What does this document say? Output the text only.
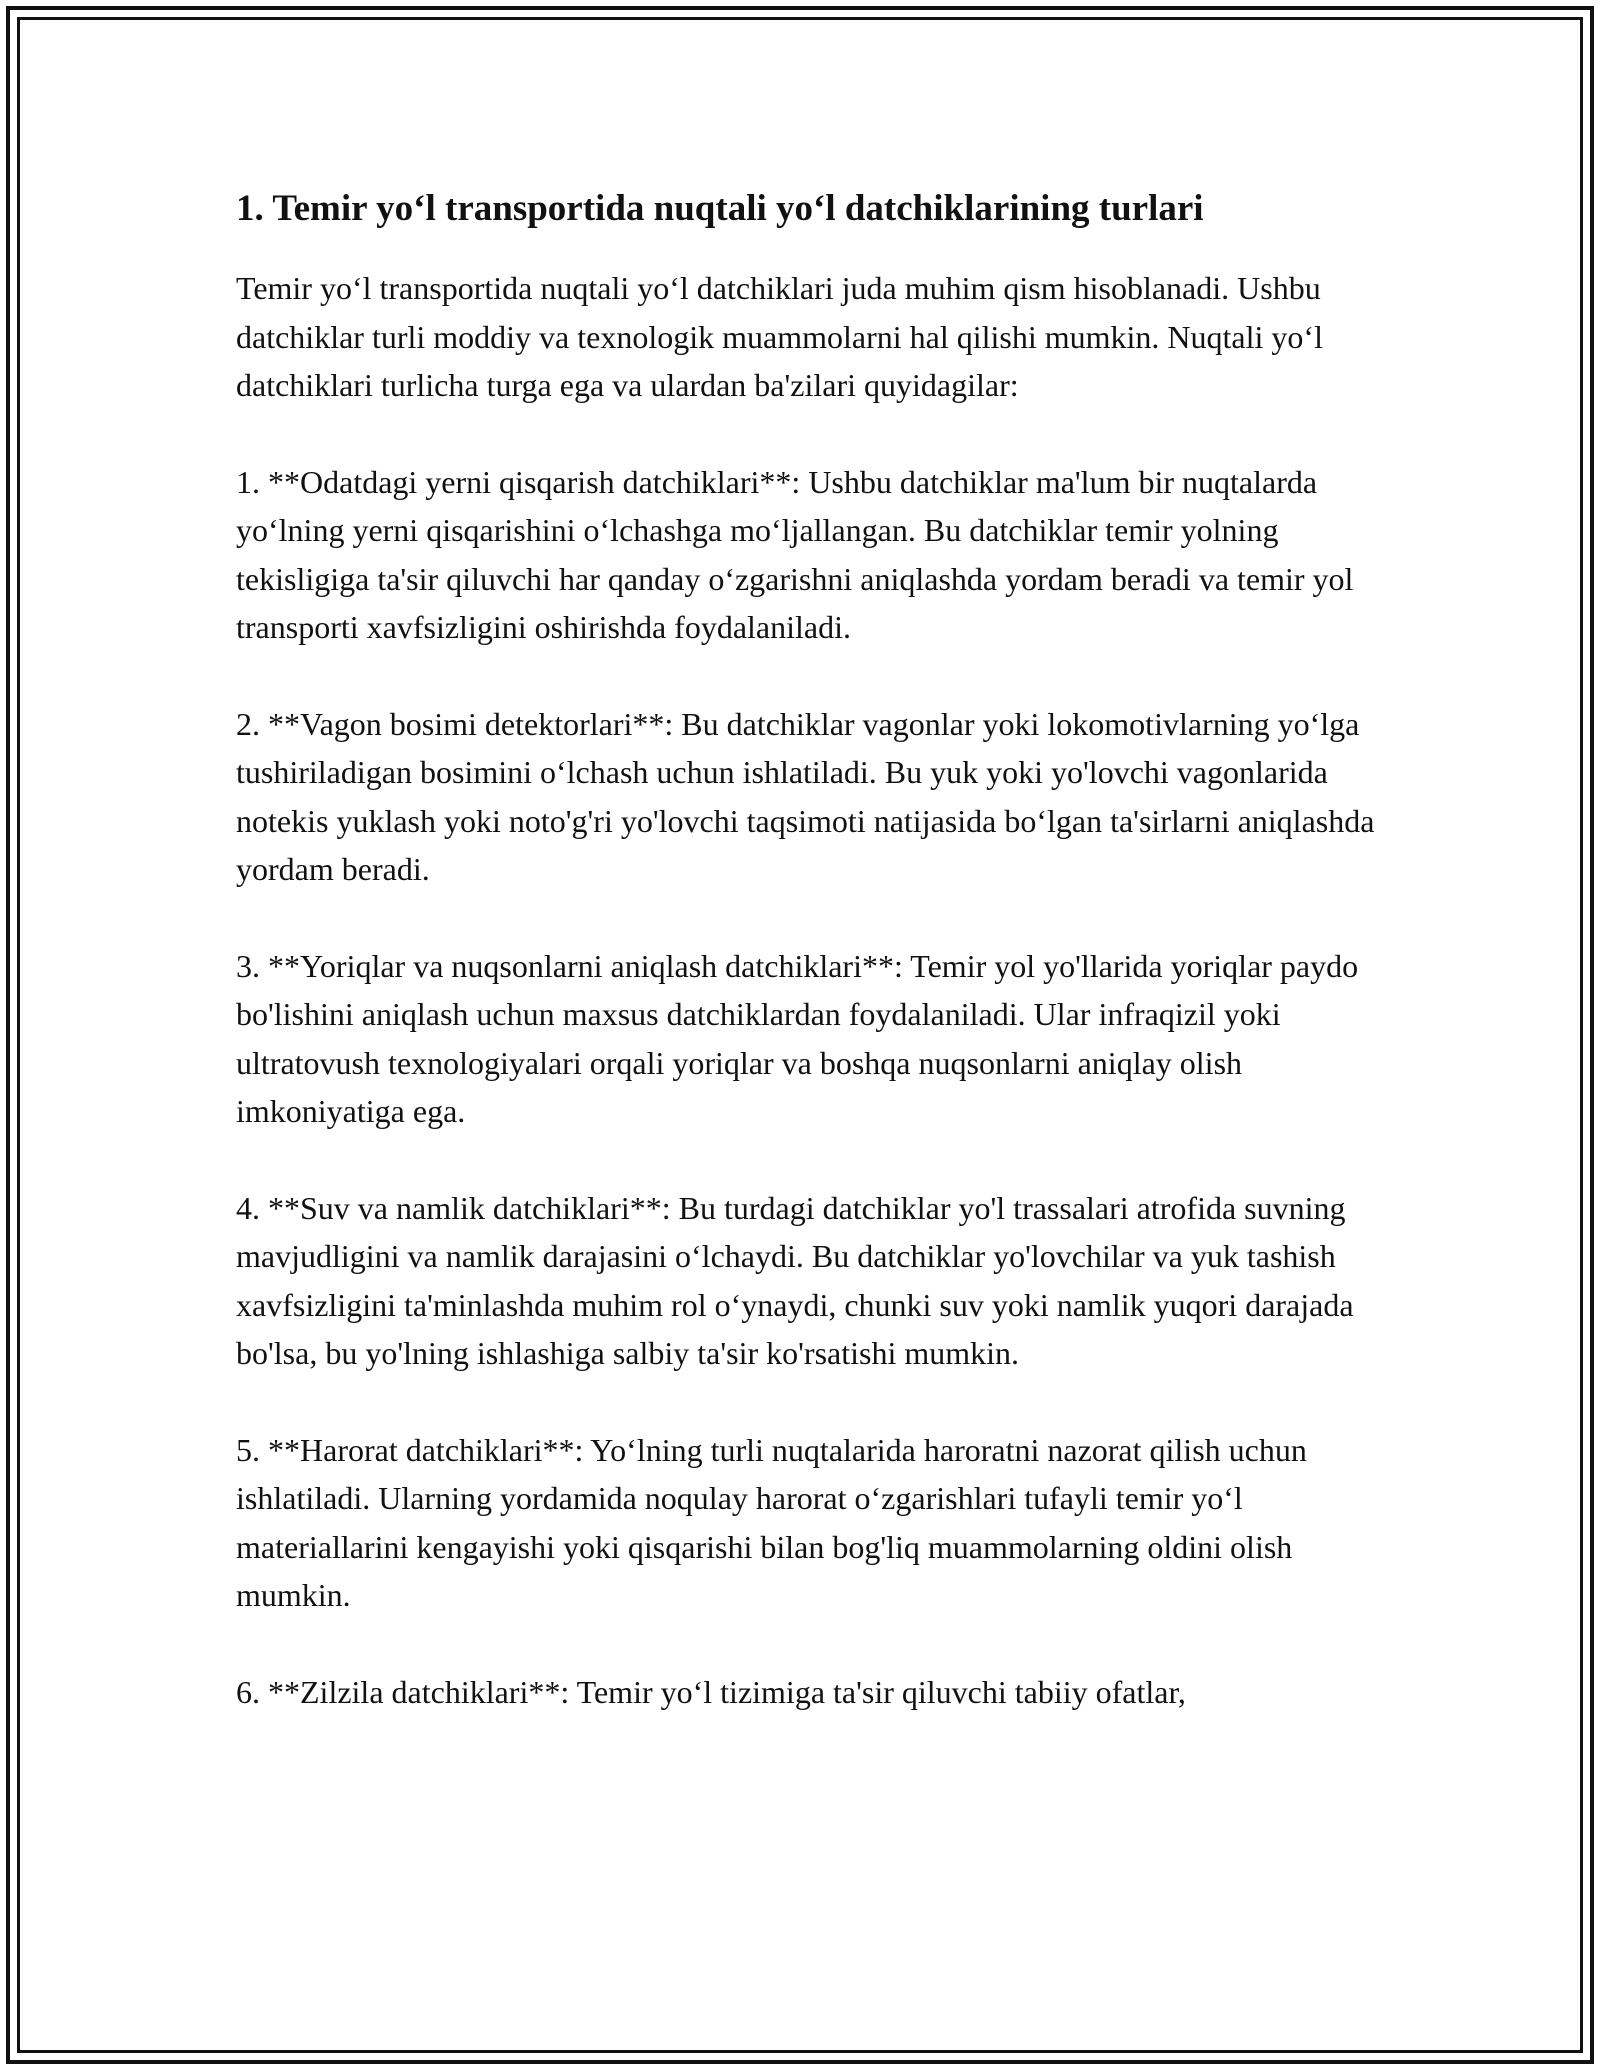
1. Temir yo‘l transportida nuqtali yo‘l datchiklarining turlari

Temir yo‘l transportida nuqtali yo‘l datchiklari juda muhim qism hisoblanadi. Ushbu datchiklar turli moddiy va texnologik muammolarni hal qilishi mumkin. Nuqtali yo‘l datchiklari turlicha turga ega va ulardan ba'zilari quyidagilar:

1. **Odatdagi yerni qisqarish datchiklari**: Ushbu datchiklar ma'lum bir nuqtalarda yo‘lning yerni qisqarishini o‘lchashga mo‘ljallangan. Bu datchiklar temir yolning tekisligiga ta'sir qiluvchi har qanday o‘zgarishni aniqlashda yordam beradi va temir yol transporti xavfsizligini oshirishda foydalaniladi.

2. **Vagon bosimi detektorlari**: Bu datchiklar vagonlar yoki lokomotivlarning yo‘lga tushiriladigan bosimini o‘lchash uchun ishlatiladi. Bu yuk yoki yo'lovchi vagonlarida notekis yuklash yoki noto'g'ri yo'lovchi taqsimoti natijasida bo‘lgan ta'sirlarni aniqlashda yordam beradi.

3. **Yoriqlar va nuqsonlarni aniqlash datchiklari**: Temir yol yo'llarida yoriqlar paydo bo'lishini aniqlash uchun maxsus datchiklardan foydalaniladi. Ular infraqizil yoki ultratovush texnologiyalari orqali yoriqlar va boshqa nuqsonlarni aniqlay olish imkoniyatiga ega.

4. **Suv va namlik datchiklari**: Bu turdagi datchiklar yo'l trassalari atrofida suvning mavjudligini va namlik darajasini o‘lchaydi. Bu datchiklar yo'lovchilar va yuk tashish xavfsizligini ta'minlashda muhim rol o‘ynaydi, chunki suv yoki namlik yuqori darajada bo'lsa, bu yo'lning ishlashiga salbiy ta'sir ko'rsatishi mumkin.

5. **Harorat datchiklari**: Yo‘lning turli nuqtalarida haroratni nazorat qilish uchun ishlatiladi. Ularning yordamida noqulay harorat o‘zgarishlari tufayli temir yo‘l materiallarini kengayishi yoki qisqarishi bilan bog'liq muammolarning oldini olish mumkin.

6. **Zilzila datchiklari**: Temir yo‘l tizimiga ta'sir qiluvchi tabiiy ofatlar,
